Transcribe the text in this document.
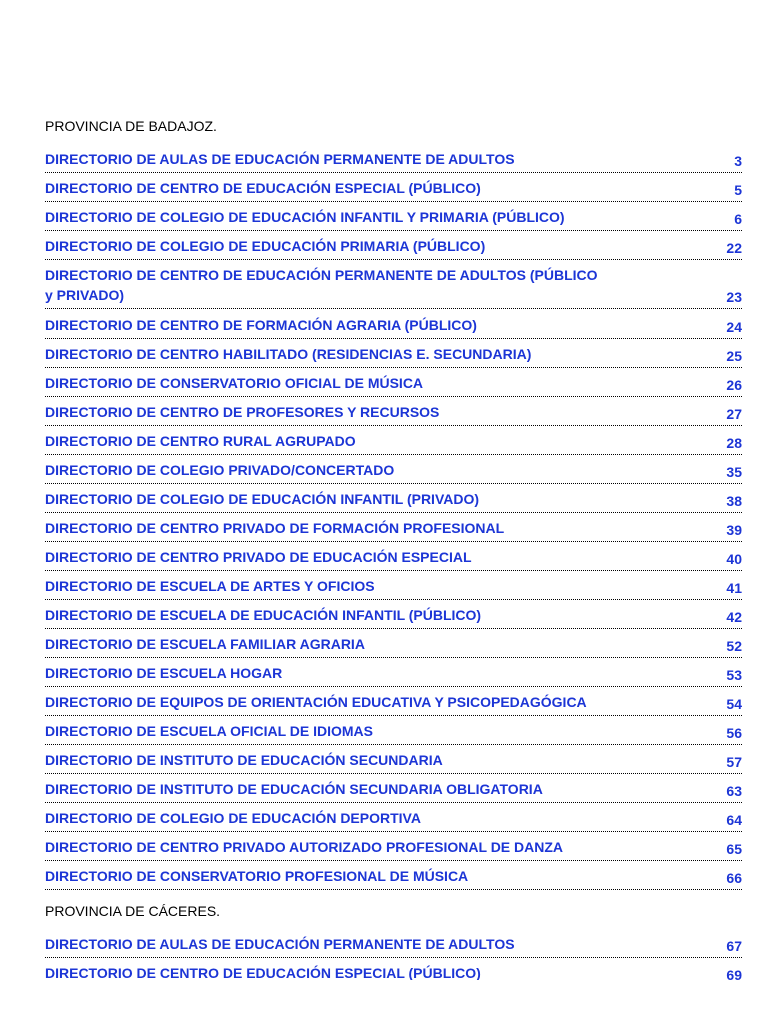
PROVINCIA DE BADAJOZ.
DIRECTORIO DE AULAS DE EDUCACIÓN PERMANENTE DE ADULTOS	3
DIRECTORIO DE CENTRO DE EDUCACIÓN ESPECIAL (PÚBLICO)	5
DIRECTORIO DE COLEGIO DE EDUCACIÓN INFANTIL Y PRIMARIA (PÚBLICO)	6
DIRECTORIO DE COLEGIO DE EDUCACIÓN PRIMARIA (PÚBLICO)	22
DIRECTORIO DE CENTRO DE EDUCACIÓN PERMANENTE DE ADULTOS (PÚBLICO
y PRIVADO)	23
DIRECTORIO DE CENTRO DE FORMACIÓN AGRARIA (PÚBLICO)	24
DIRECTORIO DE CENTRO HABILITADO (RESIDENCIAS E. SECUNDARIA)	25
DIRECTORIO DE CONSERVATORIO OFICIAL DE MÚSICA	26
DIRECTORIO DE CENTRO DE PROFESORES Y RECURSOS	27
DIRECTORIO DE CENTRO RURAL AGRUPADO	28
DIRECTORIO DE COLEGIO PRIVADO/CONCERTADO	35
DIRECTORIO DE COLEGIO DE EDUCACIÓN INFANTIL (PRIVADO)	38
DIRECTORIO DE CENTRO PRIVADO DE FORMACIÓN PROFESIONAL	39
DIRECTORIO DE CENTRO PRIVADO DE EDUCACIÓN ESPECIAL	40
DIRECTORIO DE ESCUELA DE ARTES Y OFICIOS	41
DIRECTORIO DE ESCUELA DE EDUCACIÓN INFANTIL (PÚBLICO)	42
DIRECTORIO DE ESCUELA FAMILIAR AGRARIA	52
DIRECTORIO DE ESCUELA HOGAR	53
DIRECTORIO DE EQUIPOS DE ORIENTACIÓN EDUCATIVA Y PSICOPEDAGÓGICA	54
DIRECTORIO DE ESCUELA OFICIAL DE IDIOMAS	56
DIRECTORIO DE INSTITUTO DE EDUCACIÓN SECUNDARIA	57
DIRECTORIO DE INSTITUTO DE EDUCACIÓN SECUNDARIA OBLIGATORIA	63
DIRECTORIO DE COLEGIO DE EDUCACIÓN DEPORTIVA	64
DIRECTORIO DE CENTRO PRIVADO AUTORIZADO PROFESIONAL DE DANZA	65
DIRECTORIO DE CONSERVATORIO PROFESIONAL DE MÚSICA	66
PROVINCIA DE CÁCERES.
DIRECTORIO DE AULAS DE EDUCACIÓN PERMANENTE DE ADULTOS	67
DIRECTORIO DE CENTRO DE EDUCACIÓN ESPECIAL (PÚBLICO)	69
